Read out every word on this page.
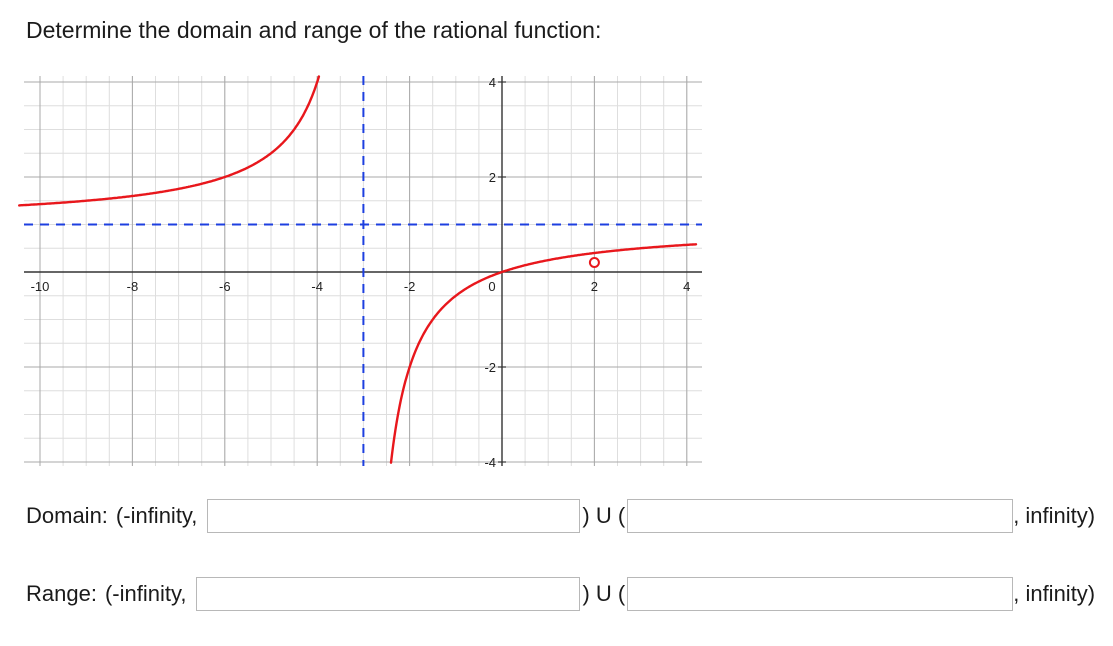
Determine the domain and range of the rational function:
-10	-8	-6	-4	-2	0	2	4
4
2
-2
-4
Domain: (-infinity,	) U (	, infinity)
Range: (-infinity,	) U (	, infinity)
